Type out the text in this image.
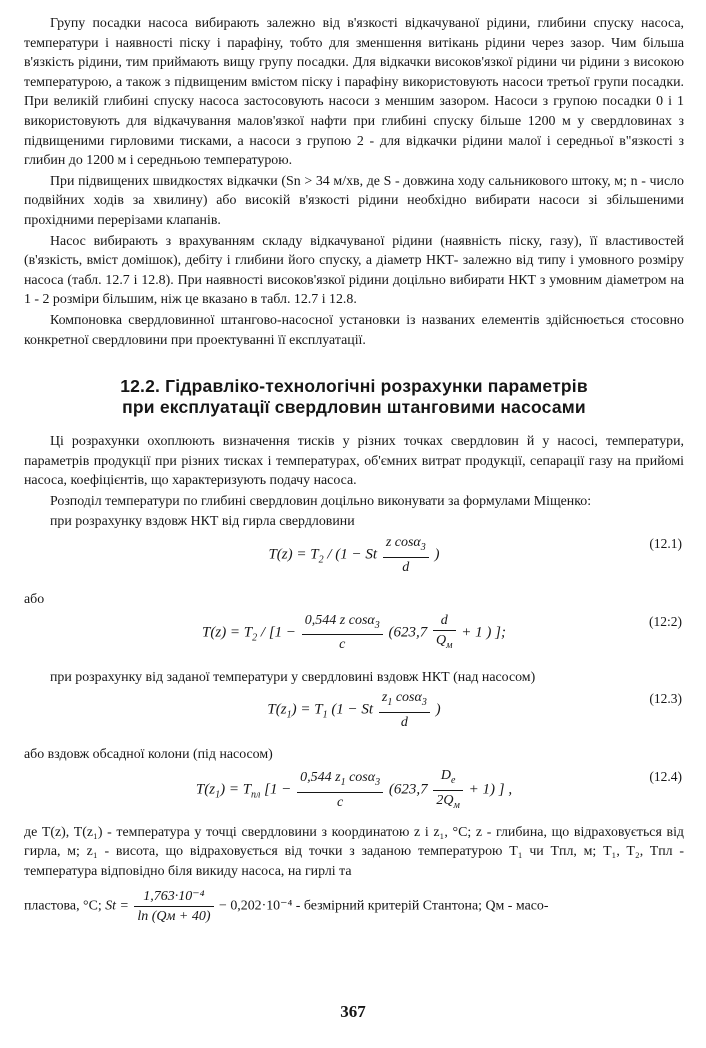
Групу посадки насоса вибирають залежно від в'язкості відкачуваної рідини, глибини спуску насоса, температури і наявності піску і парафіну, тобто для зменшення витікань рідини через зазор. Чим більша в'язкість рідини, тим приймають вищу групу посадки. Для відкачки високов'язкої рідини чи рідини з високою температурою, а також з підвищеним вмістом піску і парафіну використовують насоси третьої групи посадки. При великій глибині спуску насоса застосовують насоси з меншим зазором. Насоси з групою посадки 0 і 1 використовують для відкачування малов'язкої нафти при глибині спуску більше 1200 м у свердловинах з підвищеними гирловими тисками, а насоси з групою 2 - для відкачки рідини малої і середньої в"язкості з глибин до 1200 м і середньою температурою.

При підвищених швидкостях відкачки (Sn > 34 м/хв, де S - довжина ходу сальникового штоку, м; n - число подвійних ходів за хвилину) або високій в'язкості рідини необхідно вибирати насоси зі збільшеними прохідними перерізами клапанів.

Насос вибирають з врахуванням складу відкачуваної рідини (наявність піску, газу), її властивостей (в'язкість, вміст домішок), дебіту і глибини його спуску, а діаметр НКТ- залежно від типу і умовного розміру насоса (табл. 12.7 і 12.8). При наявності високов'язкої рідини доцільно вибирати НКТ з умовним діаметром на 1 - 2 розміри більшим, ніж це вказано в табл. 12.7 і 12.8.

Компоновка свердловинної штангово-насосної установки із названих елементів здійснюється стосовно конкретної свердловини при проектуванні її експлуатації.

12.2. Гідравліко-технологічні розрахунки параметрів
при експлуатації свердловин штанговими насосами

Ці розрахунки охоплюють визначення тисків у різних точках свердловин й у насосі, температури, параметрів продукції при різних тисках і температурах, об'ємних витрат продукції, сепарації газу на прийомі насоса, коефіцієнтів, що характеризують подачу насоса.

Розподіл температури по глибині свердловин доцільно виконувати за формулами Міщенко:

при розрахунку вздовж НКТ від гирла свердловини

$T(z) = T_2 / (1 - St \frac{z \cos\alpha_3}{d}$ )
(12.1)

або

$T(z) = T_2 / [1 - \frac{0,544 z \cos\alpha_3}{c} (623,7 \frac{d}{Q_м} + 1$ ) ];
(12:2)

при розрахунку від заданої температури у свердловині вздовж НКТ (над насосом)

$T(z_1) = T_1$ (1 − St $\frac{z_1 \cos\alpha_3}{d}$ )
(12.3)

або вздовж обсадної колони (під насосом)

$T(z_1) = T_{пл}$ [$1 - \frac{0,544 z_1 \cos\alpha_3}{c} (623,7 \frac{D_e}{2Q_м} + 1)$ ] ,
(12.4)

де T(z), T(z₁) - температура у точці свердловини з координатою z і z₁, °C; z - глибина, що відраховується від гирла, м; z₁ - висота, що відраховується від точки з заданою температурою T₁ чи Tпл, м; T₁, T₂, Tпл - температура відповідно біля викиду насоса, на гирлі та

пластова, °C; $St = \frac{\text{1,763·10⁻⁴}}{\ln (Qм + 40)} - 0,202\cdot 10^{-4}$ - безмірний критерій Стантона; Qм - масо-

367
